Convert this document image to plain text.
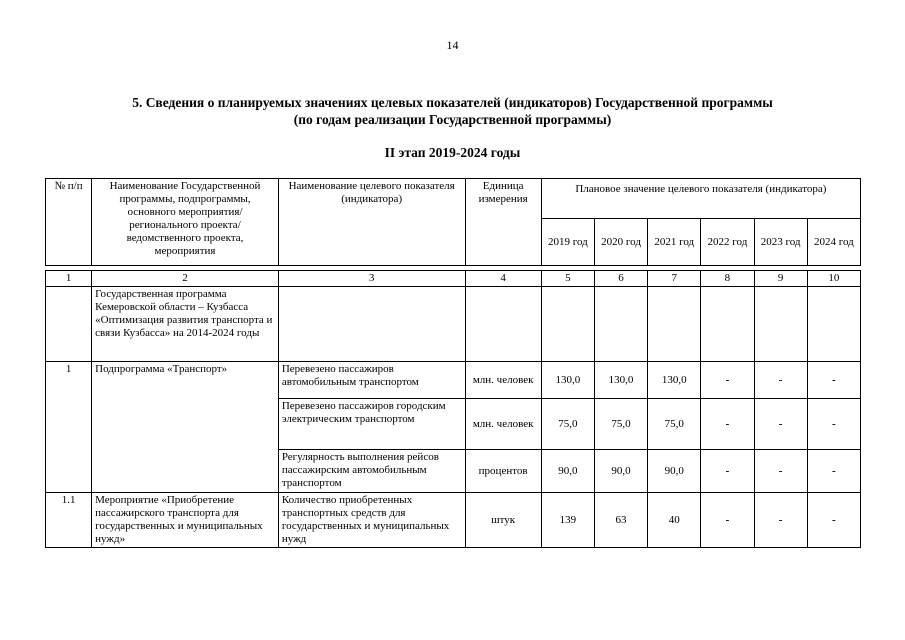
14
5. Сведения о планируемых значениях целевых показателей (индикаторов) Государственной программы
(по годам реализации Государственной программы)
II этап 2019-2024 годы
№ п/п	Наименование Государственной программы, подпрограммы, основного мероприятия/регионального проекта/ведомственного проекта, мероприятия	Наименование целевого показателя (индикатора)	Единица измерения	Плановое значение целевого показателя (индикатора)					
				2019 год	2020 год	2021 год	2022 год	2023 год	2024 год

1	2	3	4	5	6	7	8	9	10
	Государственная программа Кемеровской области – Кузбасса «Оптимизация развития транспорта и связи Кузбасса» на 2014-2024 годы								
1	Подпрограмма «Транспорт»	Перевезено пассажиров автомобильным транспортом	млн. человек	130,0	130,0	130,0	-	-	-
		Перевезено пассажиров городским электрическим транспортом	млн. человек	75,0	75,0	75,0	-	-	-
		Регулярность выполнения рейсов пассажирским автомобильным транспортом	процентов	90,0	90,0	90,0	-	-	-
1.1	Мероприятие «Приобретение пассажирского транспорта для государственных и муниципальных нужд»	Количество приобретенных транспортных средств для государственных и муниципальных нужд	штук	139	63	40	-	-	-
